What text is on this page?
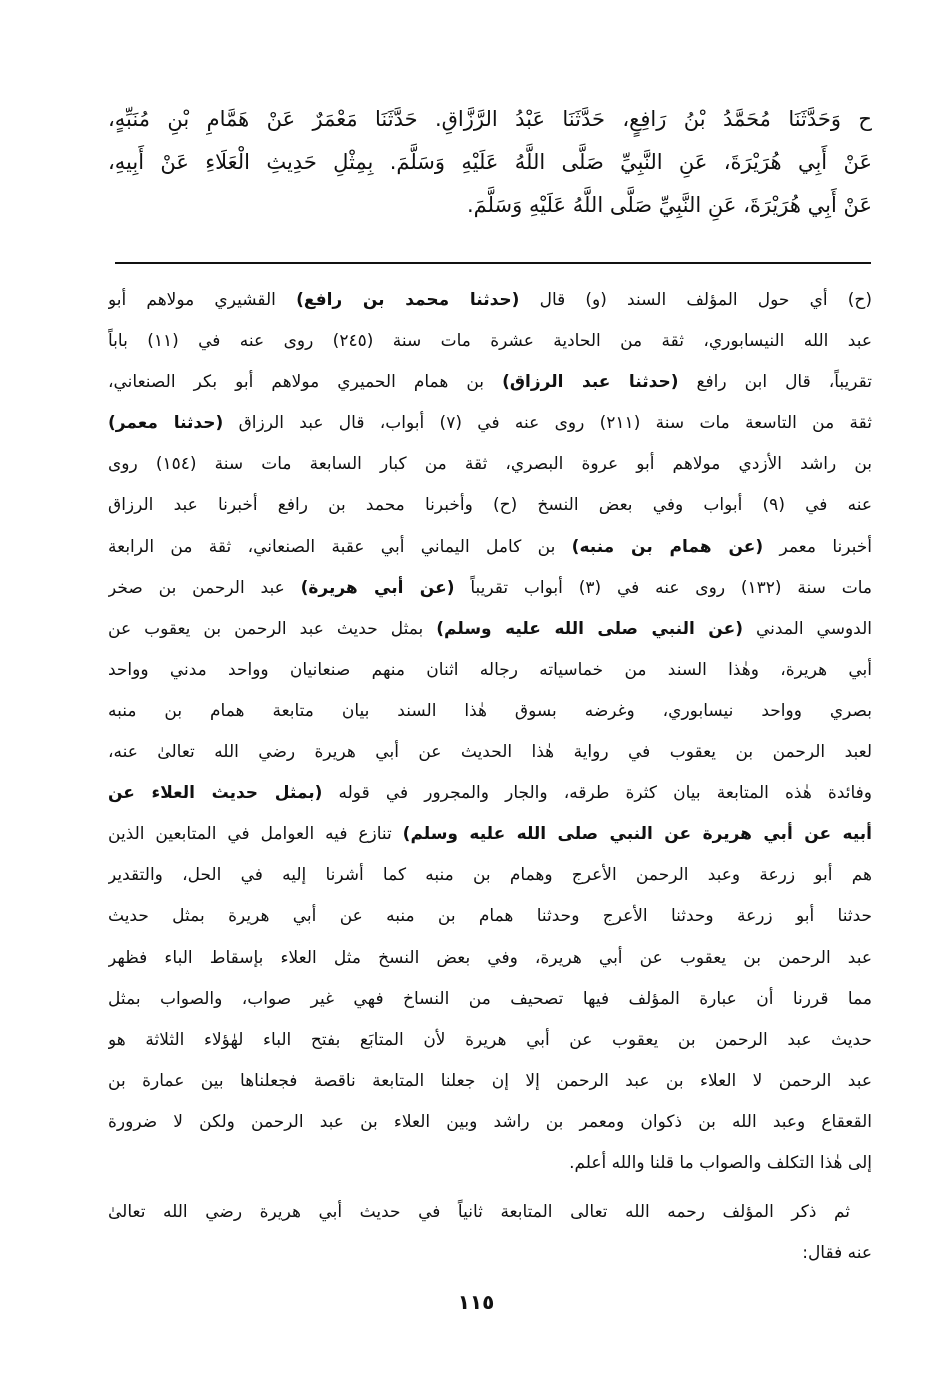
ح وَحَدَّثَنَا مُحَمَّدُ بْنُ رَافِعٍ، حَدَّثَنَا عَبْدُ الرَّزَّاقِ. حَدَّثَنَا مَعْمَرٌ عَنْ هَمَّامِ بْنِ مُنَبِّهٍ،
عَنْ أَبِي هُرَيْرَةَ، عَنِ النَّبِيِّ صَلَّى اللَّهُ عَلَيْهِ وَسَلَّمَ. بِمِثْلِ حَدِيثِ الْعَلَاءِ عَنْ أَبِيهِ،
عَنْ أَبِي هُرَيْرَةَ، عَنِ النَّبِيِّ صَلَّى اللَّهُ عَلَيْهِ وَسَلَّمَ.
(ح) أي حول المؤلف السند (و) قال (حدثنا محمد بن رافع) القشيري مولاهم أبو
عبد الله النيسابوري، ثقة من الحادية عشرة مات سنة (٢٤٥) روى عنه في (١١) باباً
تقريباً، قال ابن رافع (حدثنا عبد الرزاق) بن همام الحميري مولاهم أبو بكر الصنعاني،
ثقة من التاسعة مات سنة (٢١١) روى عنه في (٧) أبواب، قال عبد الرزاق (حدثنا معمر)
بن راشد الأزدي مولاهم أبو عروة البصري، ثقة من كبار السابعة مات سنة (١٥٤) روى
عنه في (٩) أبواب وفي بعض النسخ (ح) وأخبرنا محمد بن رافع أخبرنا عبد الرزاق
أخبرنا معمر (عن همام بن منبه) بن كامل اليماني أبي عقبة الصنعاني، ثقة من الرابعة
مات سنة (١٣٢) روى عنه في (٣) أبواب تقريباً (عن أبي هريرة) عبد الرحمن بن صخر
الدوسي المدني (عن النبي صلى الله عليه وسلم) بمثل حديث عبد الرحمن بن يعقوب عن
أبي هريرة، وهٰذا السند من خماسياته رجاله اثنان منهم صنعانيان وواحد مدني وواحد
بصري وواحد نيسابوري، وغرضه بسوق هٰذا السند بيان متابعة همام بن منبه
لعبد الرحمن بن يعقوب في رواية هٰذا الحديث عن أبي هريرة رضي الله تعالىٰ عنه،
وفائدة هٰذه المتابعة بيان كثرة طرقه، والجار والمجرور في قوله (بمثل حديث العلاء عن
أبيه عن أبي هريرة عن النبي صلى الله عليه وسلم) تنازع فيه العوامل في المتابعين الذين
هم أبو زرعة وعبد الرحمن الأعرج وهمام بن منبه كما أشرنا إليه في الحل، والتقدير
حدثنا أبو زرعة وحدثنا الأعرج وحدثنا همام بن منبه عن أبي هريرة بمثل حديث
عبد الرحمن بن يعقوب عن أبي هريرة، وفي بعض النسخ مثل العلاء بإسقاط الباء فظهر
مما قررنا أن عبارة المؤلف فيها تصحيف من النساخ فهي غير صواب، والصواب بمثل
حديث عبد الرحمن بن يعقوب عن أبي هريرة لأن المتابَع بفتح الباء لهٰؤلاء الثلاثة هو
عبد الرحمن لا العلاء بن عبد الرحمن إلا إن جعلنا المتابعة ناقصة فجعلناها بين عمارة بن
القعقاع وعبد الله بن ذكوان ومعمر بن راشد وبين العلاء بن عبد الرحمن ولكن لا ضرورة
إلى هٰذا التكلف والصواب ما قلنا والله أعلم.
ثم ذكر المؤلف رحمه الله تعالى المتابعة ثانياً في حديث أبي هريرة رضي الله تعالىٰ
عنه فقال:
١١٥
